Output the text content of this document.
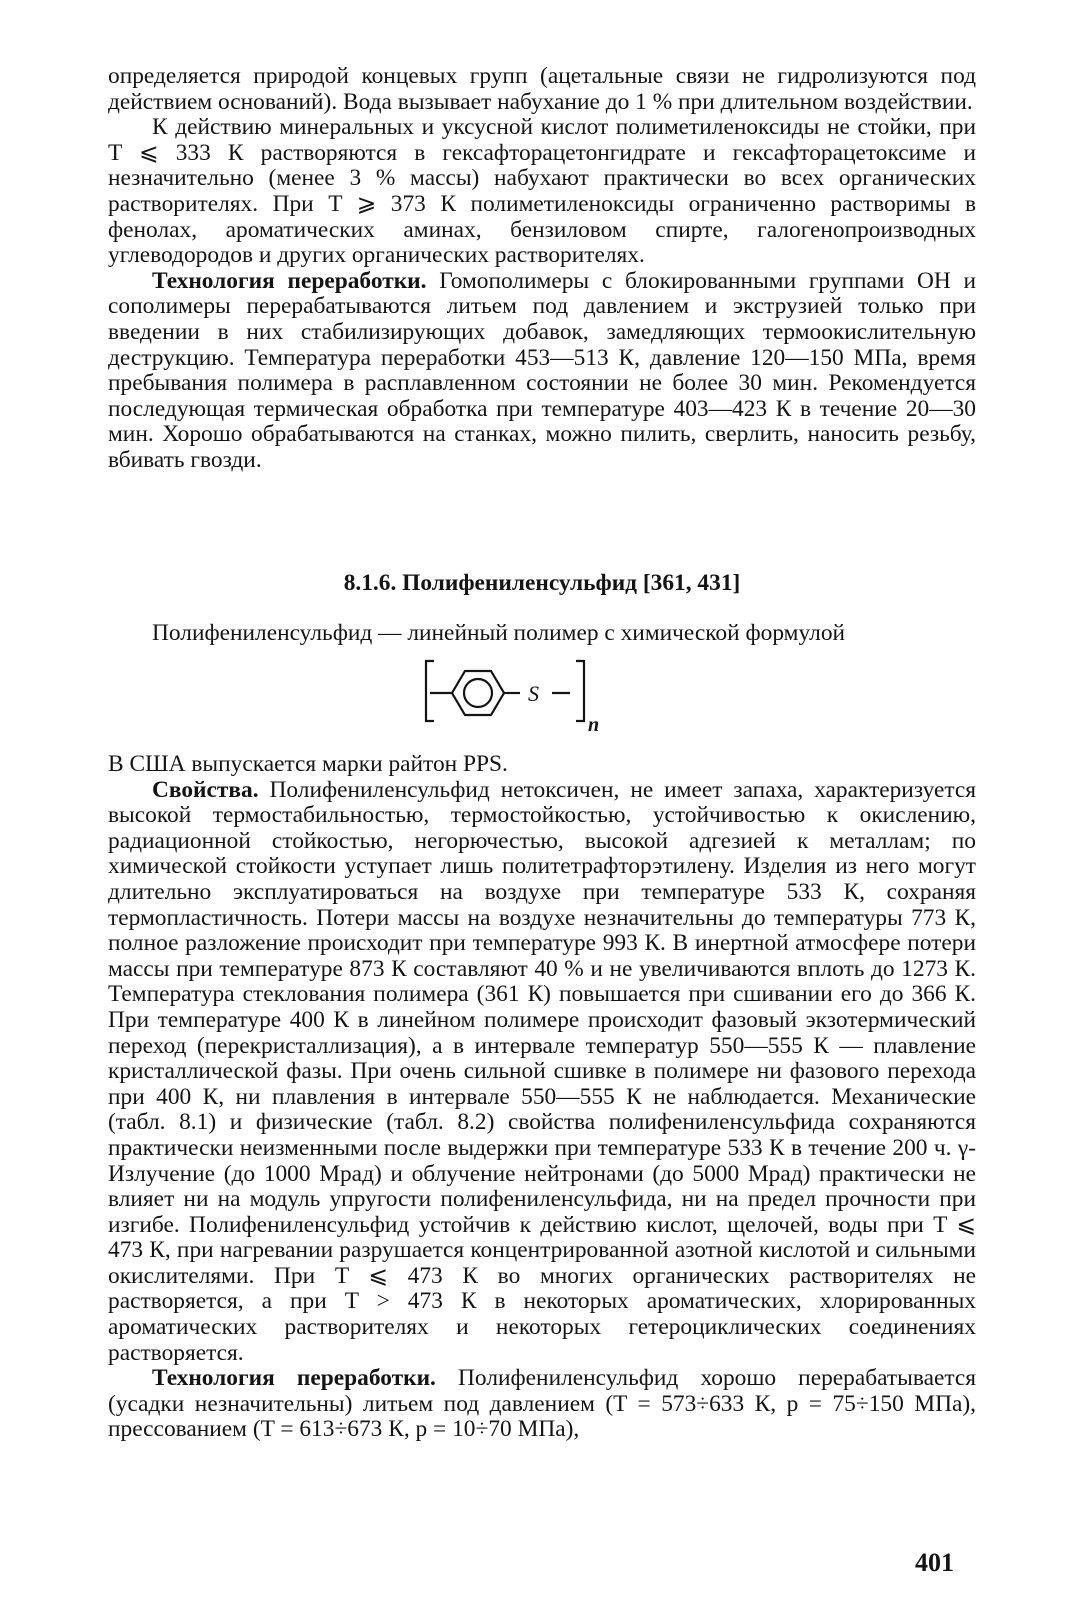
определяется природой концевых групп (ацетальные связи не гидролизуются под действием оснований). Вода вызывает набухание до 1 % при длительном воздействии.

К действию минеральных и уксусной кислот полиметиленоксиды не стойки, при T ⩽ 333 К растворяются в гексафторацетонгидрате и гексафторацетоксиме и незначительно (менее 3 % массы) набухают практически во всех органических растворителях. При T ⩾ 373 К полиметиленоксиды ограниченно растворимы в фенолах, ароматических аминах, бензиловом спирте, галогенопроизводных углеводородов и других органических растворителях.

Технология переработки. Гомополимеры с блокированными группами ОН и сополимеры перерабатываются литьем под давлением и экструзией только при введении в них стабилизирующих добавок, замедляющих термоокислительную деструкцию. Температура переработки 453—513 К, давление 120—150 МПа, время пребывания полимера в расплавленном состоянии не более 30 мин. Рекомендуется последующая термическая обработка при температуре 403—423 К в течение 20—30 мин. Хорошо обрабатываются на станках, можно пилить, сверлить, наносить резьбу, вбивать гвозди.

8.1.6. Полифениленсульфид [361, 431]
Полифениленсульфид — линейный полимер с химической формулой
S
n

В США выпускается марки райтон PPS.

Свойства. Полифениленсульфид нетоксичен, не имеет запаха, характеризуется высокой термостабильностью, термостойкостью, устойчивостью к окислению, радиационной стойкостью, негорючестью, высокой адгезией к металлам; по химической стойкости уступает лишь политетрафторэтилену. Изделия из него могут длительно эксплуатироваться на воздухе при температуре 533 К, сохраняя термопластичность. Потери массы на воздухе незначительны до температуры 773 К, полное разложение происходит при температуре 993 К. В инертной атмосфере потери массы при температуре 873 К составляют 40 % и не увеличиваются вплоть до 1273 К. Температура стеклования полимера (361 К) повышается при сшивании его до 366 К. При температуре 400 К в линейном полимере происходит фазовый экзотермический переход (перекристаллизация), а в интервале температур 550—555 К — плавление кристаллической фазы. При очень сильной сшивке в полимере ни фазового перехода при 400 К, ни плавления в интервале 550—555 К не наблюдается. Механические (табл. 8.1) и физические (табл. 8.2) свойства полифениленсульфида сохраняются практически неизменными после выдержки при температуре 533 К в течение 200 ч. γ-Излучение (до 1000 Мрад) и облучение нейтронами (до 5000 Мрад) практически не влияет ни на модуль упругости полифениленсульфида, ни на предел прочности при изгибе. Полифениленсульфид устойчив к действию кислот, щелочей, воды при T ⩽ 473 К, при нагревании разрушается концентрированной азотной кислотой и сильными окислителями. При T ⩽ 473 К во многих органических растворителях не растворяется, а при T > 473 К в некоторых ароматических, хлорированных ароматических растворителях и некоторых гетероциклических соединениях растворяется.

Технология переработки. Полифениленсульфид хорошо перерабатывается (усадки незначительны) литьем под давлением (T = 573÷633 К, p = 75÷150 МПа), прессованием (T = 613÷673 К, p = 10÷70 МПа),

401
